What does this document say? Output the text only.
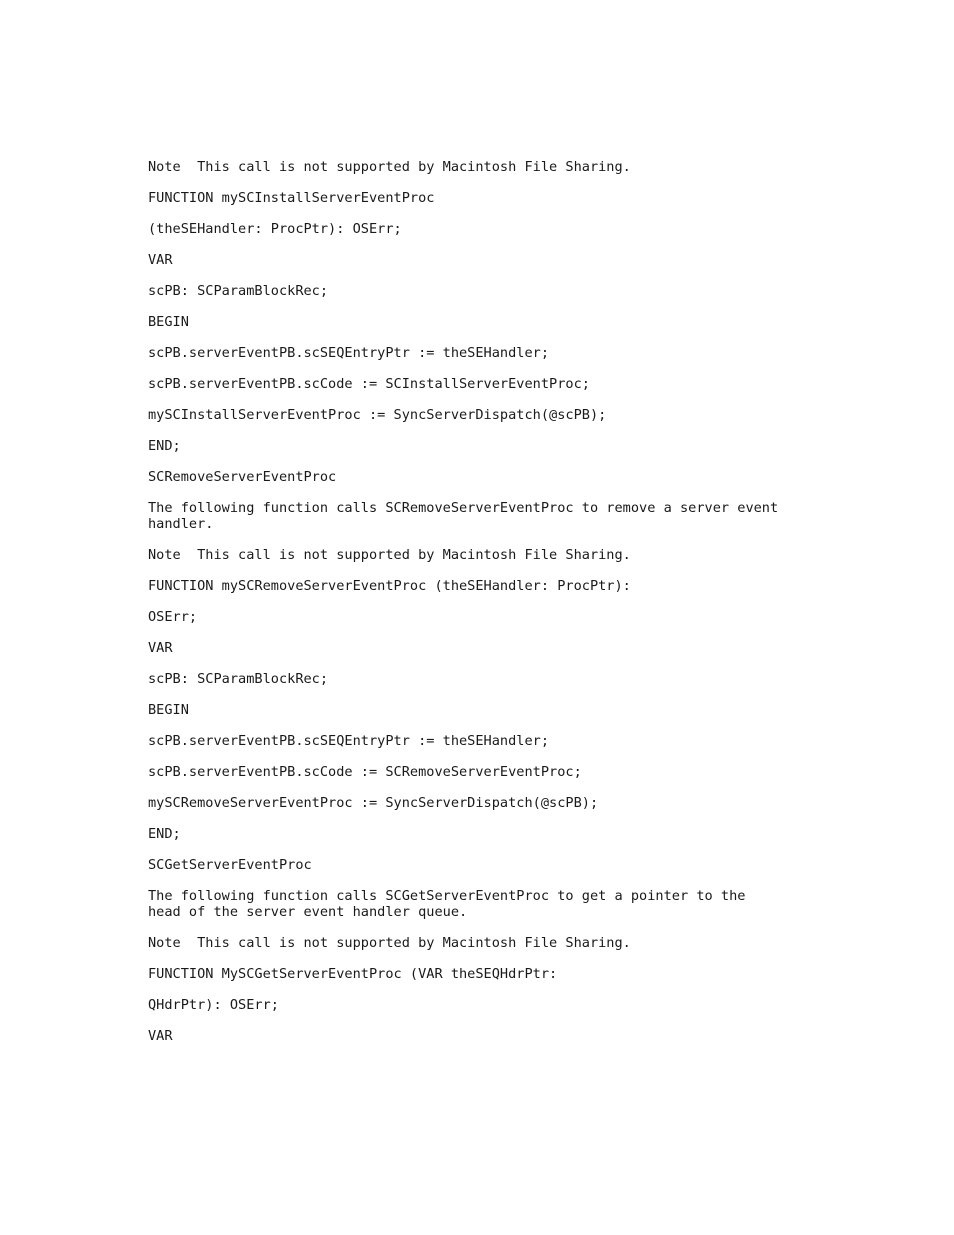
Note  This call is not supported by Macintosh File Sharing.
FUNCTION mySCInstallServerEventProc
(theSEHandler: ProcPtr): OSErr;
VAR
scPB: SCParamBlockRec;
BEGIN
scPB.serverEventPB.scSEQEntryPtr := theSEHandler;
scPB.serverEventPB.scCode := SCInstallServerEventProc;
mySCInstallServerEventProc := SyncServerDispatch(@scPB);
END;
SCRemoveServerEventProc
The following function calls SCRemoveServerEventProc to remove a server event
handler.
Note  This call is not supported by Macintosh File Sharing.
FUNCTION mySCRemoveServerEventProc (theSEHandler: ProcPtr):
OSErr;
VAR
scPB: SCParamBlockRec;
BEGIN
scPB.serverEventPB.scSEQEntryPtr := theSEHandler;
scPB.serverEventPB.scCode := SCRemoveServerEventProc;
mySCRemoveServerEventProc := SyncServerDispatch(@scPB);
END;
SCGetServerEventProc
The following function calls SCGetServerEventProc to get a pointer to the
head of the server event handler queue.
Note  This call is not supported by Macintosh File Sharing.
FUNCTION MySCGetServerEventProc (VAR theSEQHdrPtr:
QHdrPtr): OSErr;
VAR
